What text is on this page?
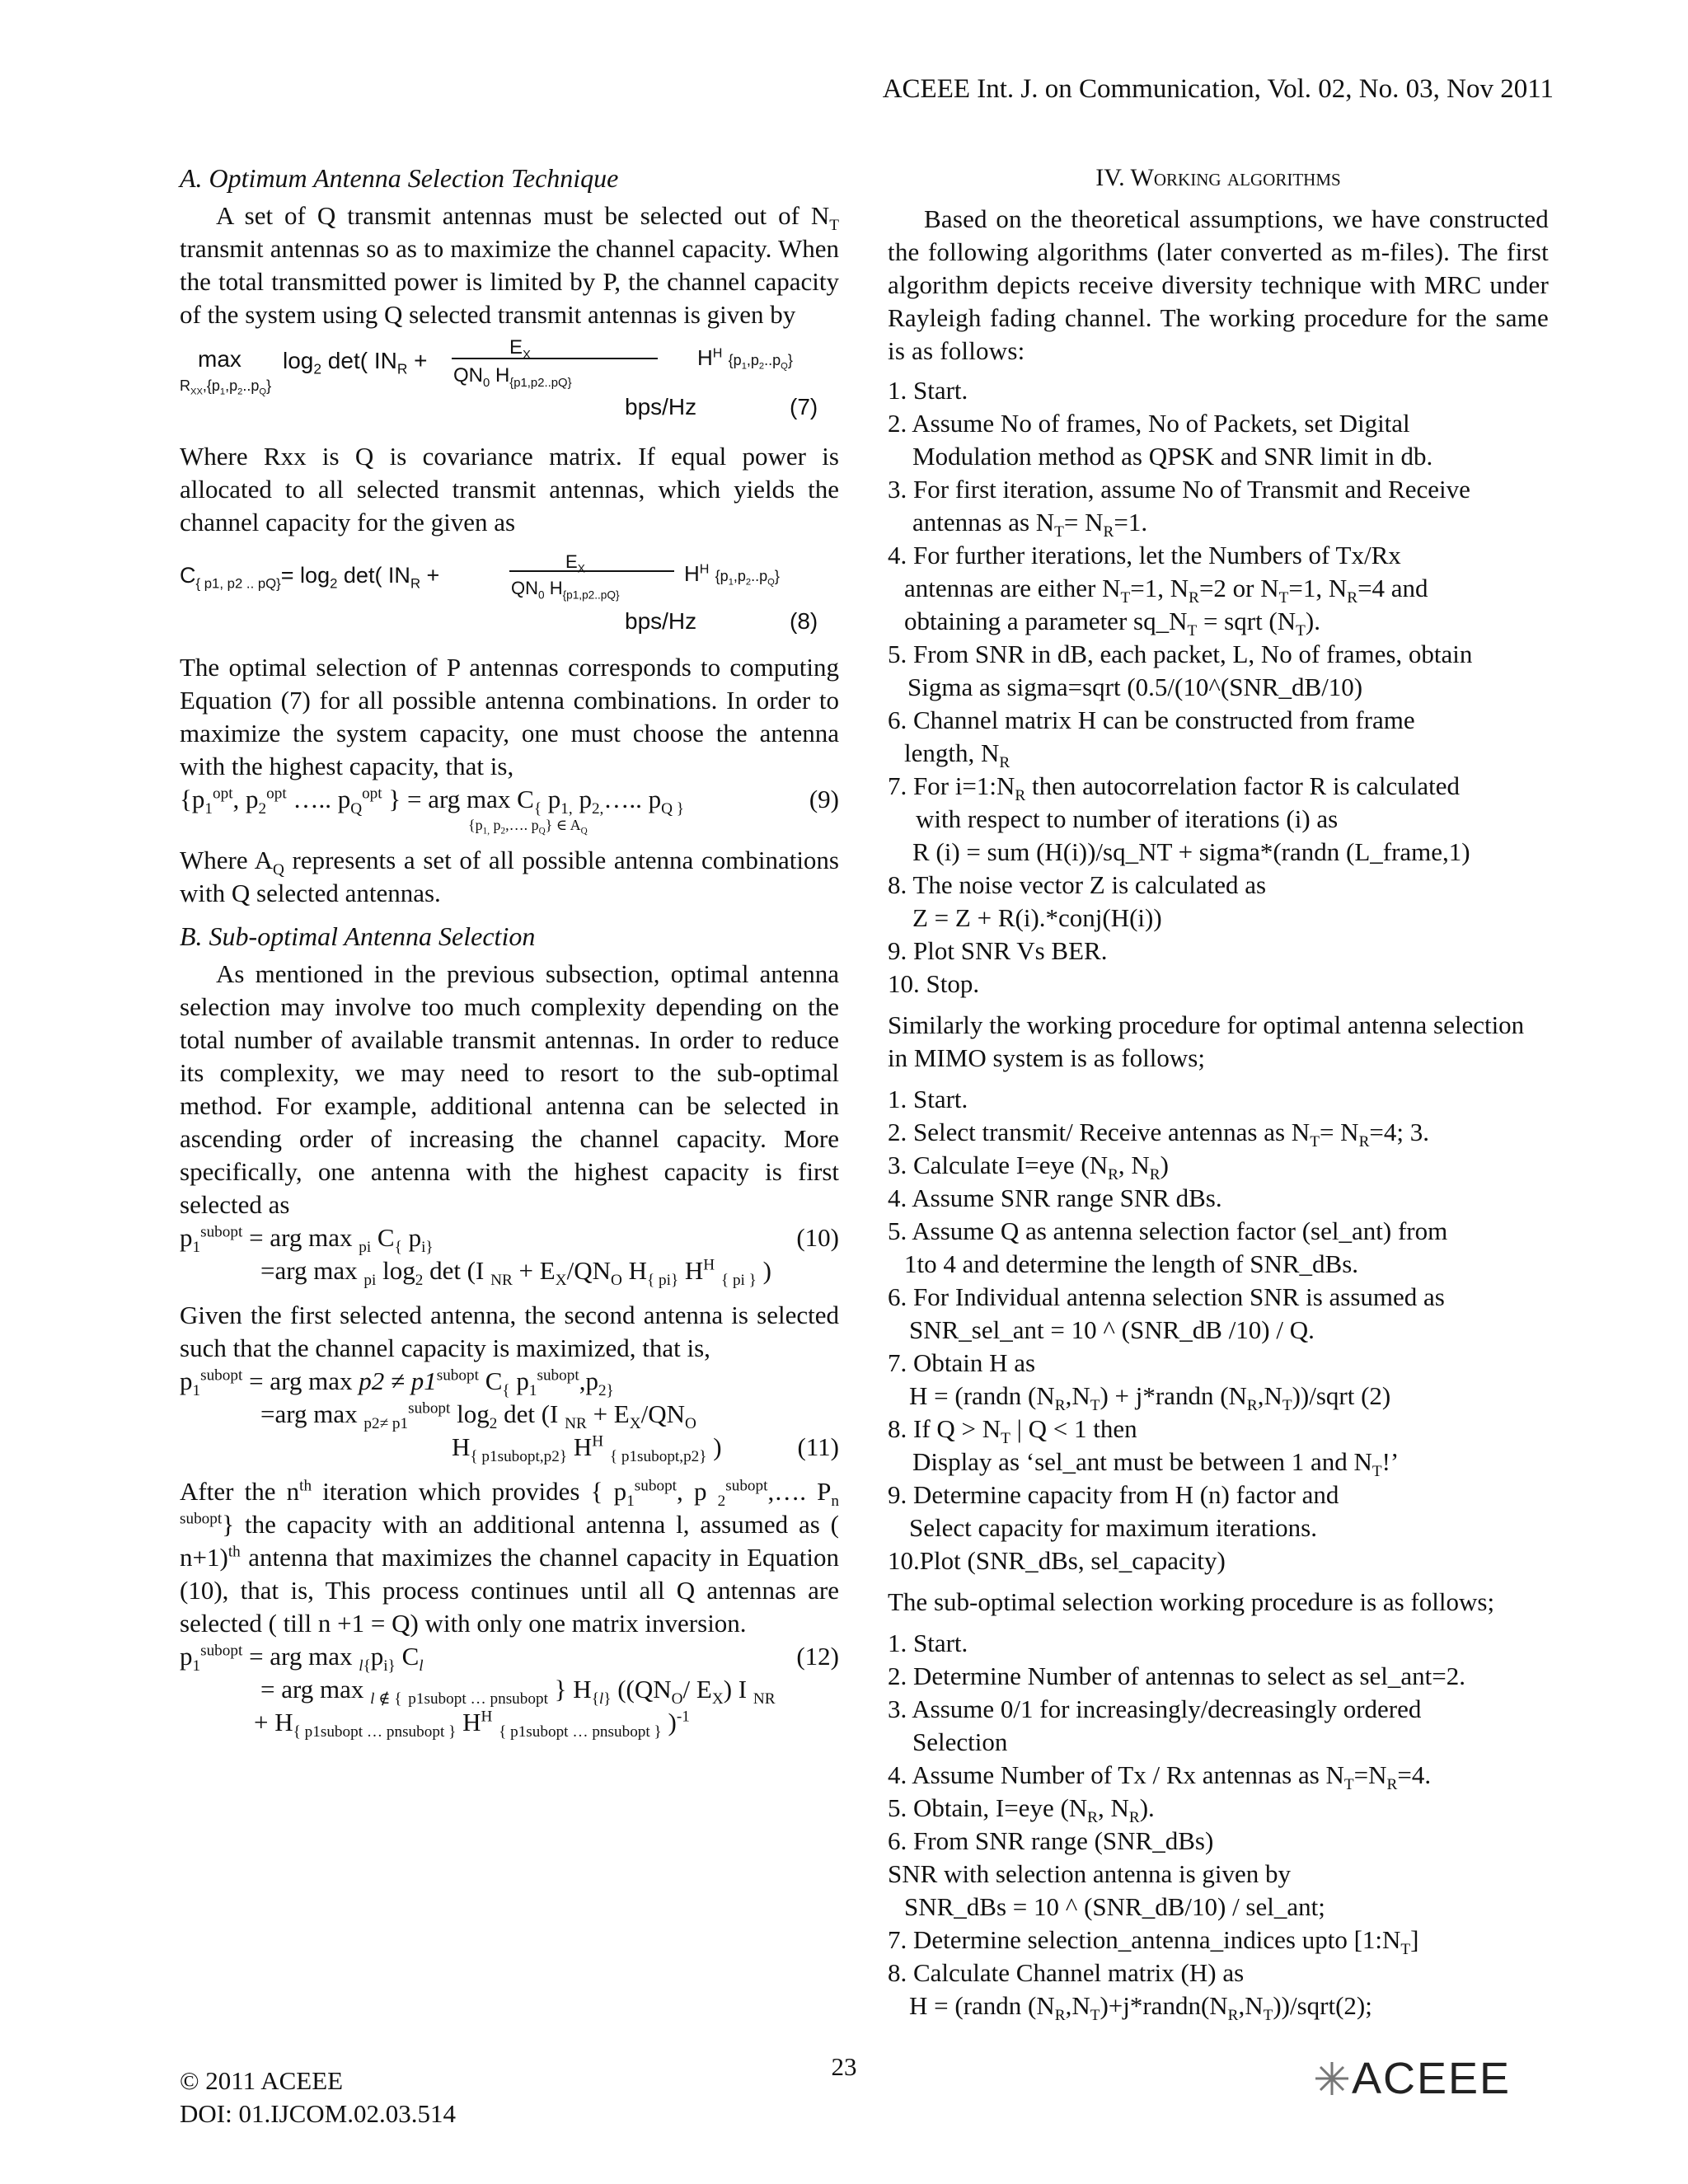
ACEEE Int. J. on Communication, Vol. 02, No. 03, Nov 2011
A. Optimum Antenna Selection Technique

A set of Q transmit antennas must be selected out of $N_T$ transmit antennas so as to maximize the channel capacity. When the total transmitted power is limited by P, the channel capacity of the system using Q selected transmit antennas is given by

max
$R_{XX},\{p_1,p_2..p_Q\}$
$\log_2 \det$( $IN_R$ +
$E_X$
$QN_0$ $H_{\{p1,p2..pQ\}}$
$H^H$ $\{p_1,p_2..p_Q\}$
bps/Hz	(7)

Where Rxx is Q is covariance matrix. If equal power is allocated to all selected transmit antennas, which yields the channel capacity for the given as

$C_{\{ p1, p2 .. pQ\}}= \log_2 \det$( $IN_R$ +
$E_X$
$QN_0$ $H_{\{p1,p2..pQ\}}$
$H^H$ $\{p_1,p_2..p_Q\}$
bps/Hz	(8)

The optimal selection of P antennas corresponds to computing Equation (7) for all possible antenna combinations. In order to maximize the system capacity, one must choose the antenna with the highest capacity, that is,

{$p_1^{opt}$, $p_2^{opt}$ ….. $p_Q^{opt}$ } = arg $\max C_{\{}$ $p_{1,}$ $p_{2,}\dots$.. $p_{Q \}}$	(9)
{$p_{1,}$ $p_2,\dots$. $p_Q$} ∈ $A_Q$

Where $A_Q$ represents a set of all possible antenna combinations with Q selected antennas.

B. Sub-optimal Antenna Selection

As mentioned in the previous subsection, optimal antenna selection may involve too much complexity depending on the total number of available transmit antennas. In order to reduce its complexity, we may need to resort to the sub-optimal method. For example, additional antenna can be selected in ascending order of increasing the channel capacity. More specifically, one antenna with the highest capacity is first selected as

$p_1^{subopt}$ = arg max $_{pi}$ $C_{\{}$ $p_{i\}}$	(10)
=arg max $_{pi}$ $\log_2 \det (I$ $_{NR} + E_X/QN_O$ $H_{\{ pi\}}$ $H^H$ $_{\{ pi \}}$ )

Given the first selected antenna, the second antenna is selected such that the channel capacity is maximized, that is,

$p_1^{subopt}$ = arg $\max p2 \ne p1^{subopt}$ $C_{\{}$ $p_1^{subopt},p_{2\}}$
=arg max $_{p2\ne p1}^{subopt}$ $\log_2 \det (I$ $_{NR} + E_X/QN_O$
$H_{\{ p1subopt,p2\}}$ $H^H$ $_{\{ p1subopt,p2\}}$ )	(11)

After the $n^{th}$ iteration which provides { $p_1^{subopt}$, p $_2^{subopt}$,…. $P_n$ $^{subopt}$} the capacity with an additional antenna l, assumed as ( n+1)$^{th}$ antenna that maximizes the channel capacity in Equation (10), that is, This process continues until all Q antennas are selected ( till n +1 = Q) with only one matrix inversion.

$p_1^{subopt}$ = arg $\max _{l\{}p_{i\}}$ $C_l$	(12)
= arg max $_{l \notin \{}$ $_{p1subopt \dots pnsubopt}$ } $H_{\{l\}}$ (($QN_O/$ $E_X$) I $_{NR}$
+ $H_{\{ p1subopt \dots pnsubopt \}}$ $H^H$ $_{\{ p1subopt \dots pnsubopt \}}$ )$^{-1}$
IV. Working algorithms

Based on the theoretical assumptions, we have constructed the following algorithms (later converted as m-files). The first algorithm depicts receive diversity technique with MRC under Rayleigh fading channel. The working procedure for the same is as follows:

1. Start.
2. Assume No of frames, No of Packets, set Digital
Modulation method as QPSK and SNR limit in db.
3. For first iteration, assume No of Transmit and Receive
antennas as $N_T= N_R=1$.
4. For further iterations, let the Numbers of Tx/Rx
antennas are either $N_T=1$, $N_R=2$ or $N_T=1$, $N_R=4$ and
obtaining a parameter $sq\_N_T$ = sqrt $(N_T)$.
5. From SNR in dB, each packet, L, No of frames, obtain
Sigma as sigma=sqrt (0.5/(10^(SNR_dB/10)
6. Channel matrix H can be constructed from frame
length, $N_R$
7. For $i=1:N_R$ then autocorrelation factor R is calculated
with respect to number of iterations (i) as
R (i) = sum (H(i))/sq_NT + sigma*(randn (L_frame,1)
8. The noise vector Z is calculated as
Z = Z + R(i).*conj(H(i))
9. Plot SNR Vs BER.
10. Stop.

Similarly the working procedure for optimal antenna selection in MIMO system is as follows;

1. Start.
2. Select transmit/ Receive antennas as $N_T= N_R=4$; 3.
3. Calculate I=eye ($N_R$, $N_R$)
4. Assume SNR range SNR dBs.
5. Assume Q as antenna selection factor (sel_ant) from
1to 4 and determine the length of SNR_dBs.
6. For Individual antenna selection SNR is assumed as
SNR_sel_ant = 10 ^ (SNR_dB /10) / Q.
7. Obtain H as
H = (randn $(N_R,N_T)$ + j*randn $(N_R,N_T)$)/sqrt (2)
8. If $Q > N_T$ | Q < 1 then
Display as ‘sel_ant must be between 1 and $N_T$!’
9. Determine capacity from H (n) factor and
Select capacity for maximum iterations.
10.Plot (SNR_dBs, sel_capacity)

The sub-optimal selection working procedure is as follows;

1. Start.
2. Determine Number of antennas to select as sel_ant=2.
3. Assume 0/1 for increasingly/decreasingly ordered
Selection
4. Assume Number of Tx / Rx antennas as $N_T=N_R=4$.
5. Obtain, I=eye ($N_R$, $N_R$).
6. From SNR range (SNR_dBs)
SNR with selection antenna is given by
SNR_dBs = 10 ^ (SNR_dB/10) / sel_ant;
7. Determine selection_antenna_indices upto $[1:N_T]$
8. Calculate Channel matrix (H) as
H = (randn $(N_R,N_T)+j*randn(N_R,N_T))/sqrt(2)$;
© 2011 ACEEE
DOI: 01.IJCOM.02.03.514
23	ACEEE
